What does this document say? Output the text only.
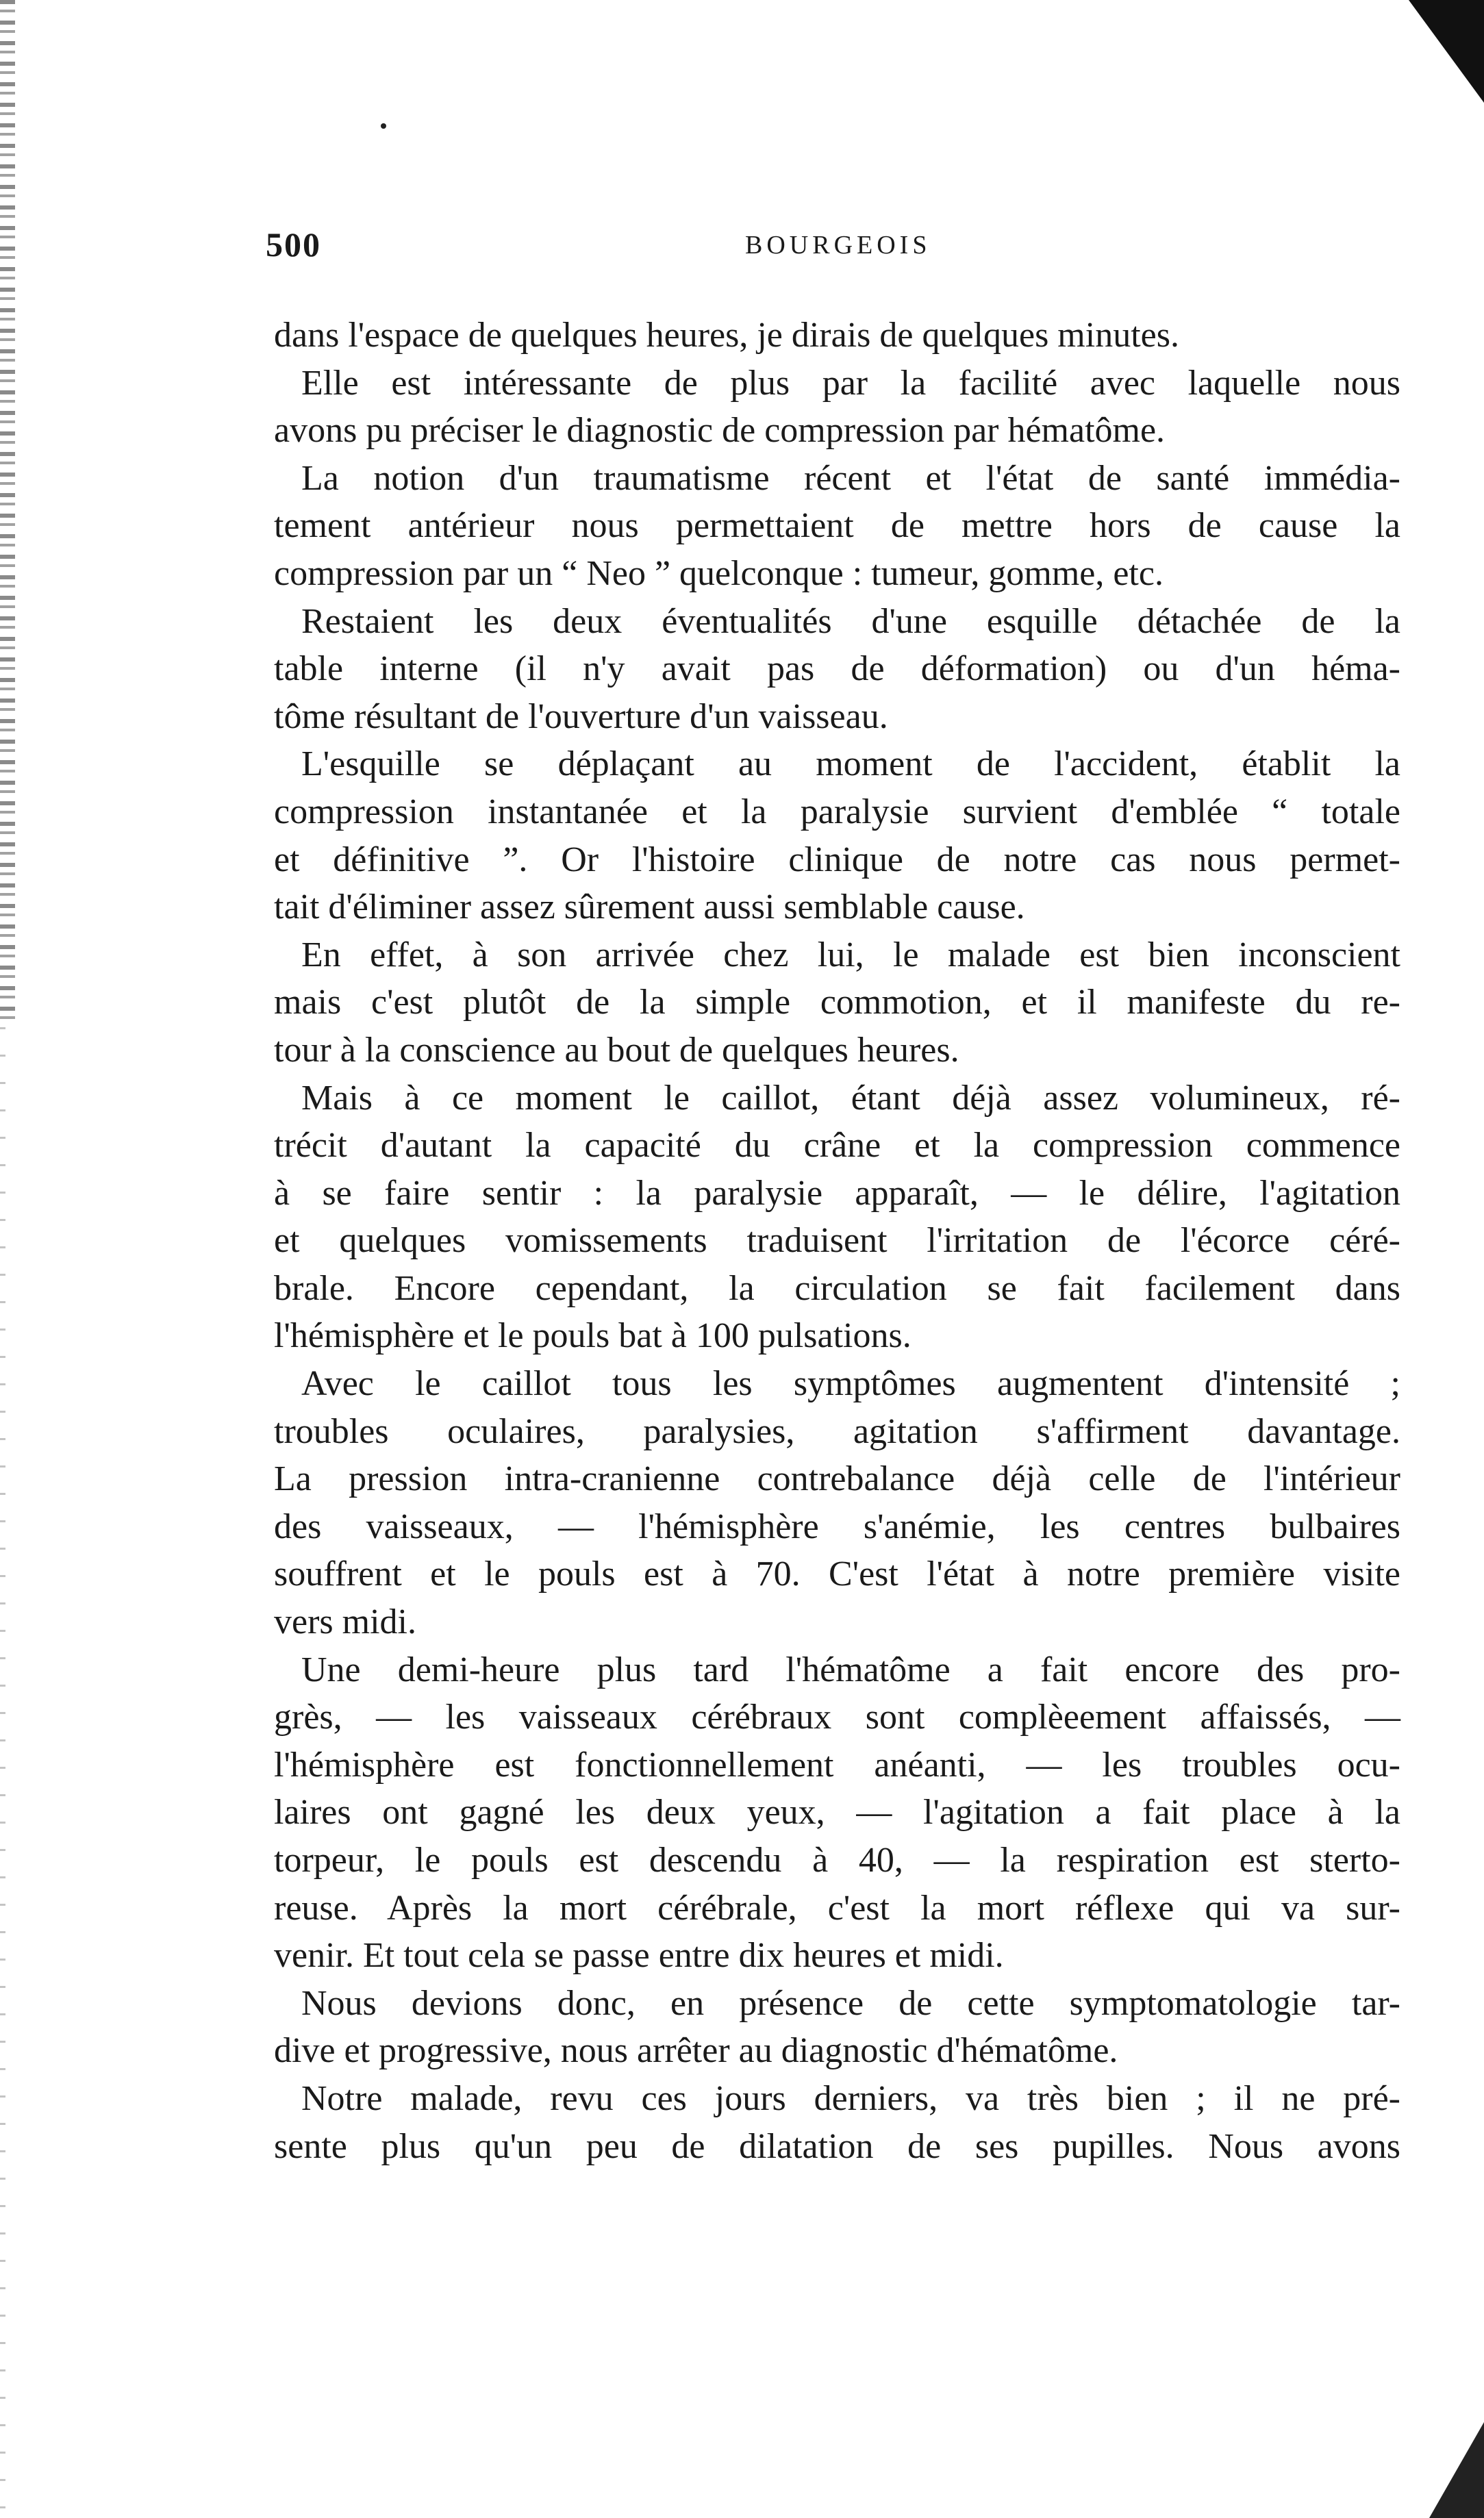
500	BOURGEOIS
dans l'espace de quelques heures, je dirais de quelques minutes.
Elle est intéressante de plus par la facilité avec laquelle nous
avons pu préciser le diagnostic de compression par hématôme.
La notion d'un traumatisme récent et l'état de santé immédia-
tement antérieur nous permettaient de mettre hors de cause la
compression par un “ Neo ” quelconque : tumeur, gomme, etc.
Restaient les deux éventualités d'une esquille détachée de la
table interne (il n'y avait pas de déformation) ou d'un héma-
tôme résultant de l'ouverture d'un vaisseau.
L'esquille se déplaçant au moment de l'accident, établit la
compression instantanée et la paralysie survient d'emblée “ totale
et définitive ”. Or l'histoire clinique de notre cas nous permet-
tait d'éliminer assez sûrement aussi semblable cause.
En effet, à son arrivée chez lui, le malade est bien inconscient
mais c'est plutôt de la simple commotion, et il manifeste du re-
tour à la conscience au bout de quelques heures.
Mais à ce moment le caillot, étant déjà assez volumineux, ré-
trécit d'autant la capacité du crâne et la compression commence
à se faire sentir : la paralysie apparaît, — le délire, l'agitation
et quelques vomissements traduisent l'irritation de l'écorce céré-
brale. Encore cependant, la circulation se fait facilement dans
l'hémisphère et le pouls bat à 100 pulsations.
Avec le caillot tous les symptômes augmentent d'intensité ;
troubles oculaires, paralysies, agitation s'affirment davantage.
La pression intra-cranienne contrebalance déjà celle de l'intérieur
des vaisseaux, — l'hémisphère s'anémie, les centres bulbaires
souffrent et le pouls est à 70. C'est l'état à notre première visite
vers midi.
Une demi-heure plus tard l'hématôme a fait encore des pro-
grès, — les vaisseaux cérébraux sont complèeement affaissés, —
l'hémisphère est fonctionnellement anéanti, — les troubles ocu-
laires ont gagné les deux yeux, — l'agitation a fait place à la
torpeur, le pouls est descendu à 40, — la respiration est sterto-
reuse. Après la mort cérébrale, c'est la mort réflexe qui va sur-
venir. Et tout cela se passe entre dix heures et midi.
Nous devions donc, en présence de cette symptomatologie tar-
dive et progressive, nous arrêter au diagnostic d'hématôme.
Notre malade, revu ces jours derniers, va très bien ; il ne pré-
sente plus qu'un peu de dilatation de ses pupilles. Nous avons
